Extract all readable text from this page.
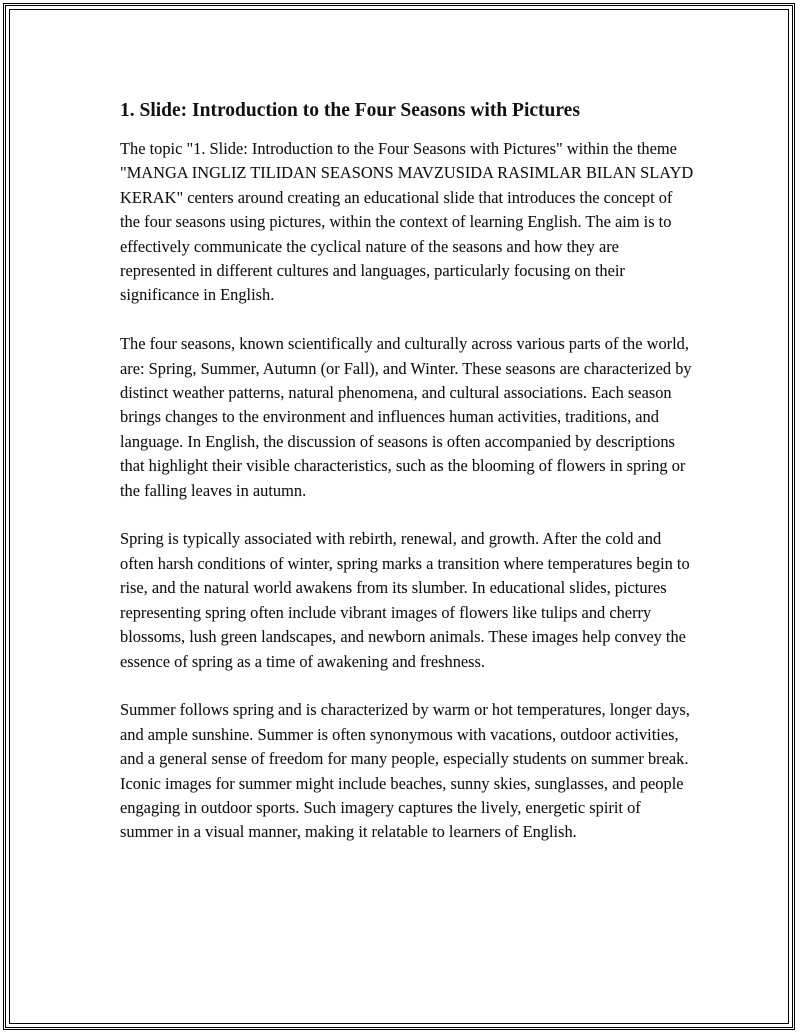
1. Slide: Introduction to the Four Seasons with Pictures

The topic "1. Slide: Introduction to the Four Seasons with Pictures" within the theme "MANGA INGLIZ TILIDAN SEASONS MAVZUSIDA RASIMLAR BILAN SLAYD KERAK" centers around creating an educational slide that introduces the concept of the four seasons using pictures, within the context of learning English. The aim is to effectively communicate the cyclical nature of the seasons and how they are represented in different cultures and languages, particularly focusing on their significance in English.

The four seasons, known scientifically and culturally across various parts of the world, are: Spring, Summer, Autumn (or Fall), and Winter. These seasons are characterized by distinct weather patterns, natural phenomena, and cultural associations. Each season brings changes to the environment and influences human activities, traditions, and language. In English, the discussion of seasons is often accompanied by descriptions that highlight their visible characteristics, such as the blooming of flowers in spring or the falling leaves in autumn.

Spring is typically associated with rebirth, renewal, and growth. After the cold and often harsh conditions of winter, spring marks a transition where temperatures begin to rise, and the natural world awakens from its slumber. In educational slides, pictures representing spring often include vibrant images of flowers like tulips and cherry blossoms, lush green landscapes, and newborn animals. These images help convey the essence of spring as a time of awakening and freshness.

Summer follows spring and is characterized by warm or hot temperatures, longer days, and ample sunshine. Summer is often synonymous with vacations, outdoor activities, and a general sense of freedom for many people, especially students on summer break. Iconic images for summer might include beaches, sunny skies, sunglasses, and people engaging in outdoor sports. Such imagery captures the lively, energetic spirit of summer in a visual manner, making it relatable to learners of English.
